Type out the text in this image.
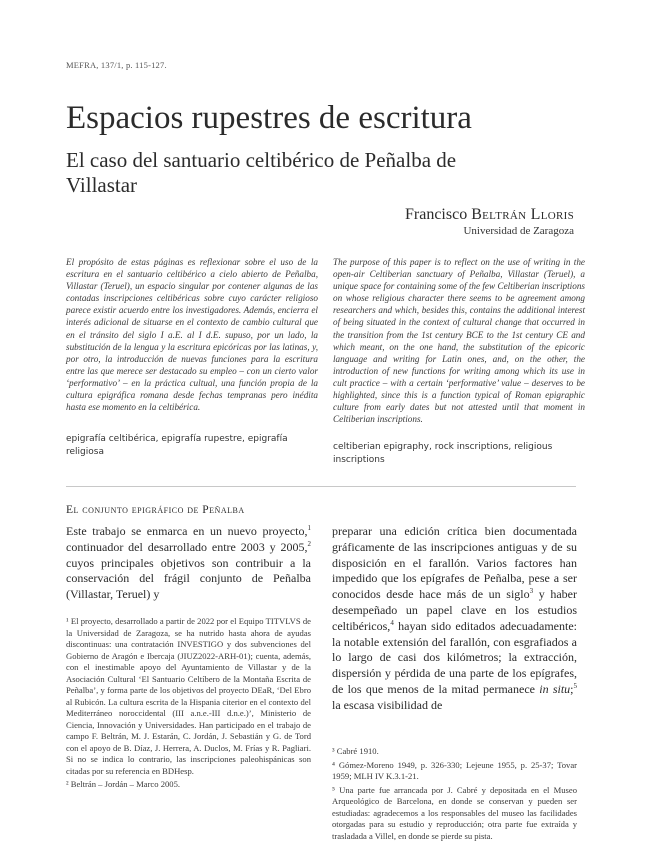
MEFRA, 137/1, p. 115-127.
Espacios rupestres de escritura
El caso del santuario celtibérico de Peñalba de Villastar
Francisco Beltrán Lloris
Universidad de Zaragoza
El propósito de estas páginas es reflexionar sobre el uso de la escritura en el santuario celtibérico a cielo abierto de Peñalba, Villastar (Teruel), un espacio singular por contener algunas de las contadas inscripciones celtibéricas sobre cuyo carácter religioso parece existir acuerdo entre los investigadores. Además, encierra el interés adicional de situarse en el contexto de cambio cultural que en el tránsito del siglo I a.E. al I d.E. supuso, por un lado, la substitución de la lengua y la escritura epicóricas por las latinas, y, por otro, la introducción de nuevas funciones para la escritura entre las que merece ser destacado su empleo – con un cierto valor ‘performativo’ – en la práctica cultual, una función propia de la cultura epigráfica romana desde fechas tempranas pero inédita hasta ese momento en la celtibérica.
The purpose of this paper is to reflect on the use of writing in the open-air Celtiberian sanctuary of Peñalba, Villastar (Teruel), a unique space for containing some of the few Celtiberian inscriptions on whose religious character there seems to be agreement among researchers and which, besides this, contains the additional interest of being situated in the context of cultural change that occurred in the transition from the 1st century BCE to the 1st century CE and which meant, on the one hand, the substitution of the epicoric language and writing for Latin ones, and, on the other, the introduction of new functions for writing among which its use in cult practice – with a certain ‘performative’ value – deserves to be highlighted, since this is a function typical of Roman epigraphic culture from early dates but not attested until that moment in Celtiberian inscriptions.
epigrafía celtibérica, epigrafía rupestre, epigrafía religiosa	celtiberian epigraphy, rock inscriptions, religious inscriptions
El conjunto epigráfico de Peñalba
Este trabajo se enmarca en un nuevo proyecto,$^1$ continuador del desarrollado entre 2003 y 2005,$^2$ cuyos principales objetivos son contribuir a la conservación del frágil conjunto de Peñalba (Villastar, Teruel) y
preparar una edición crítica bien documentada gráficamente de las inscripciones antiguas y de su disposición en el farallón. Varios factores han impedido que los epígrafes de Peñalba, pese a ser conocidos desde hace más de un siglo$^3$ y haber desempeñado un papel clave en los estudios celtibéricos,$^4$ hayan sido editados adecuadamente: la notable extensión del farallón, con esgrafiados a lo largo de casi dos kilómetros; la extracción, dispersión y pérdida de una parte de los epígrafes, de los que menos de la mitad permanece in situ;$^5$ la escasa visibilidad de

¹ El proyecto, desarrollado a partir de 2022 por el Equipo TITVLVS de la Universidad de Zaragoza, se ha nutrido hasta ahora de ayudas discontinuas: una contratación INVESTIGO y dos subvenciones del Gobierno de Aragón e Ibercaja (JIUZ2022-ARH-01); cuenta, además, con el inestimable apoyo del Ayuntamiento de Villastar y de la Asociación Cultural ‘El Santuario Celtíbero de la Montaña Escrita de Peñalba’, y forma parte de los objetivos del proyecto DEaR, ‘Del Ebro al Rubicón. La cultura escrita de la Hispania citerior en el contexto del Mediterráneo noroccidental (III a.n.e.-III d.n.e.)’, Ministerio de Ciencia, Innovación y Universidades. Han participado en el trabajo de campo F. Beltrán, M. J. Estarán, C. Jordán, J. Sebastián y G. de Tord con el apoyo de B. Díaz, J. Herrera, A. Duclos, M. Frías y R. Pagliari. Si no se indica lo contrario, las inscripciones paleohispánicas son citadas por su referencia en BDHesp.

² Beltrán – Jordán – Marco 2005.

³ Cabré 1910.

⁴ Gómez-Moreno 1949, p. 326-330; Lejeune 1955, p. 25-37; Tovar 1959; MLH IV K.3.1-21.

⁵ Una parte fue arrancada por J. Cabré y depositada en el Museo Arqueológico de Barcelona, en donde se conservan y pueden ser estudiadas: agradecemos a los responsables del museo las facilidades otorgadas para su estudio y reproducción; otra parte fue extraída y trasladada a Villel, en donde se pierde su pista.
